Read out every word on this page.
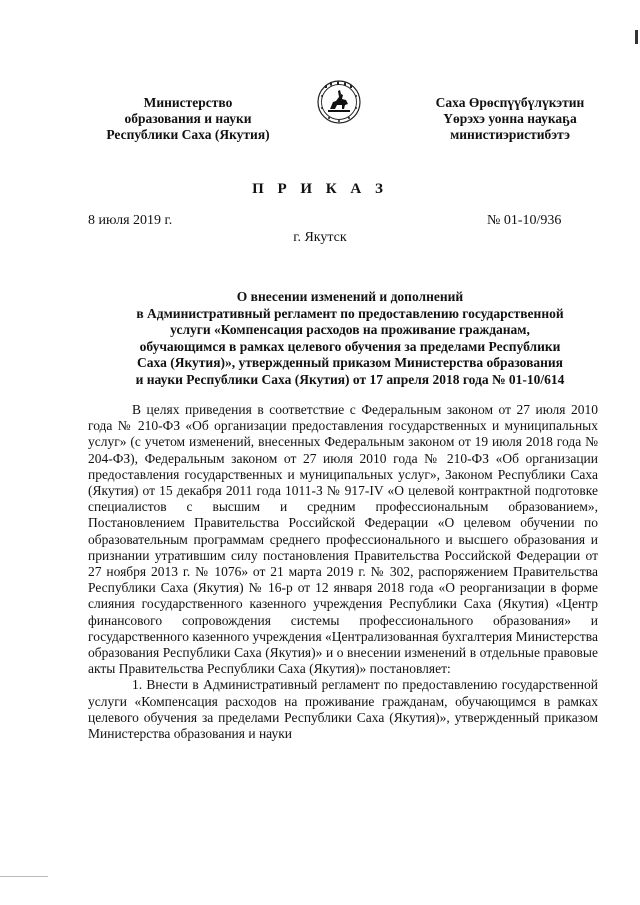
Министерство
образования и науки
Республики Саха (Якутия)
Саха Өрөспүүбүлүкэтин
Үөрэхэ уонна наукаҕа
министиэристибэтэ
П Р И К А З
8 июля 2019 г.	№ 01-10/936
г. Якутск
О внесении изменений и дополнений
в Административный регламент по предоставлению государственной
услуги «Компенсация расходов на проживание гражданам,
обучающимся в рамках целевого обучения за пределами Республики
Саха (Якутия)», утвержденный приказом Министерства образования
и науки Республики Саха (Якутия) от 17 апреля 2018 года № 01-10/614

В целях приведения в соответствие с Федеральным законом от 27 июля 2010 года № 210-ФЗ «Об организации предоставления государственных и муниципальных услуг» (с учетом изменений, внесенных Федеральным законом от 19 июля 2018 года № 204-ФЗ), Федеральным законом от 27 июля 2010 года № 210-ФЗ «Об организации предоставления государственных и муниципальных услуг», Законом Республики Саха (Якутия) от 15 декабря 2011 года 1011-З № 917-IV «О целевой контрактной подготовке специалистов с высшим и средним профессиональным образованием», Постановлением Правительства Российской Федерации «О целевом обучении по образовательным программам среднего профессионального и высшего образования и признании утратившим силу постановления Правительства Российской Федерации от 27 ноября 2013 г. № 1076» от 21 марта 2019 г. № 302, распоряжением Правительства Республики Саха (Якутия) № 16-р от 12 января 2018 года «О реорганизации в форме слияния государственного казенного учреждения Республики Саха (Якутия) «Центр финансового сопровождения системы профессионального образования» и государственного казенного учреждения «Централизованная бухгалтерия Министерства образования Республики Саха (Якутия)» и о внесении изменений в отдельные правовые акты Правительства Республики Саха (Якутия)» постановляет:

1. Внести в Административный регламент по предоставлению государственной услуги «Компенсация расходов на проживание гражданам, обучающимся в рамках целевого обучения за пределами Республики Саха (Якутия)», утвержденный приказом Министерства образования и науки
